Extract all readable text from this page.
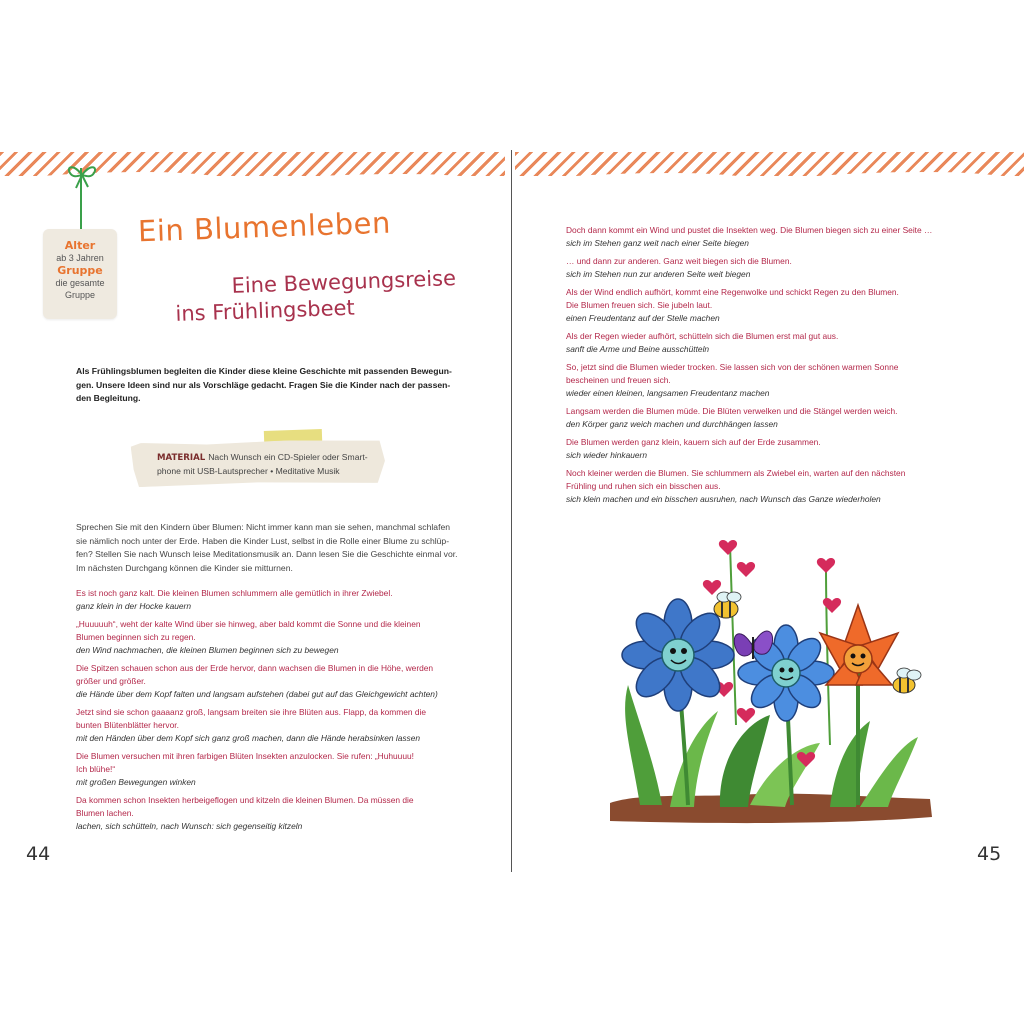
Alter
ab 3 Jahren
Gruppe
die gesamte
Gruppe
Ein Blumenleben
Eine Bewegungsreise
ins Frühlingsbeet
Als Frühlingsblumen begleiten die Kinder diese kleine Geschichte mit passenden Bewegun-
gen. Unsere Ideen sind nur als Vorschläge gedacht. Fragen Sie die Kinder nach der passen-
den Begleitung.
MATERIAL Nach Wunsch ein CD-Spieler oder Smart-
phone mit USB-Lautsprecher • Meditative Musik
Sprechen Sie mit den Kindern über Blumen: Nicht immer kann man sie sehen, manchmal schlafen
sie nämlich noch unter der Erde. Haben die Kinder Lust, selbst in die Rolle einer Blume zu schlüp-
fen? Stellen Sie nach Wunsch leise Meditationsmusik an. Dann lesen Sie die Geschichte einmal vor.
Im nächsten Durchgang können die Kinder sie mitturnen.
Es ist noch ganz kalt. Die kleinen Blumen schlummern alle gemütlich in ihrer Zwiebel.
ganz klein in der Hocke kauern
„Huuuuuh“, weht der kalte Wind über sie hinweg, aber bald kommt die Sonne und die kleinen
Blumen beginnen sich zu regen.
den Wind nachmachen, die kleinen Blumen beginnen sich zu bewegen
Die Spitzen schauen schon aus der Erde hervor, dann wachsen die Blumen in die Höhe, werden
größer und größer.
die Hände über dem Kopf falten und langsam aufstehen (dabei gut auf das Gleichgewicht achten)
Jetzt sind sie schon gaaaanz groß, langsam breiten sie ihre Blüten aus. Flapp, da kommen die
bunten Blütenblätter hervor.
mit den Händen über dem Kopf sich ganz groß machen, dann die Hände herabsinken lassen
Die Blumen versuchen mit ihren farbigen Blüten Insekten anzulocken. Sie rufen: „Huhuuuu!
Ich blühe!“
mit großen Bewegungen winken
Da kommen schon Insekten herbeigeflogen und kitzeln die kleinen Blumen. Da müssen die
Blumen lachen.
lachen, sich schütteln, nach Wunsch: sich gegenseitig kitzeln
44
Doch dann kommt ein Wind und pustet die Insekten weg. Die Blumen biegen sich zu einer Seite …
sich im Stehen ganz weit nach einer Seite biegen
… und dann zur anderen. Ganz weit biegen sich die Blumen.
sich im Stehen nun zur anderen Seite weit biegen
Als der Wind endlich aufhört, kommt eine Regenwolke und schickt Regen zu den Blumen.
Die Blumen freuen sich. Sie jubeln laut.
einen Freudentanz auf der Stelle machen
Als der Regen wieder aufhört, schütteln sich die Blumen erst mal gut aus.
sanft die Arme und Beine ausschütteln
So, jetzt sind die Blumen wieder trocken. Sie lassen sich von der schönen warmen Sonne
bescheinen und freuen sich.
wieder einen kleinen, langsamen Freudentanz machen
Langsam werden die Blumen müde. Die Blüten verwelken und die Stängel werden weich.
den Körper ganz weich machen und durchhängen lassen
Die Blumen werden ganz klein, kauern sich auf der Erde zusammen.
sich wieder hinkauern
Noch kleiner werden die Blumen. Sie schlummern als Zwiebel ein, warten auf den nächsten
Frühling und ruhen sich ein bisschen aus.
sich klein machen und ein bisschen ausruhen, nach Wunsch das Ganze wiederholen
45
